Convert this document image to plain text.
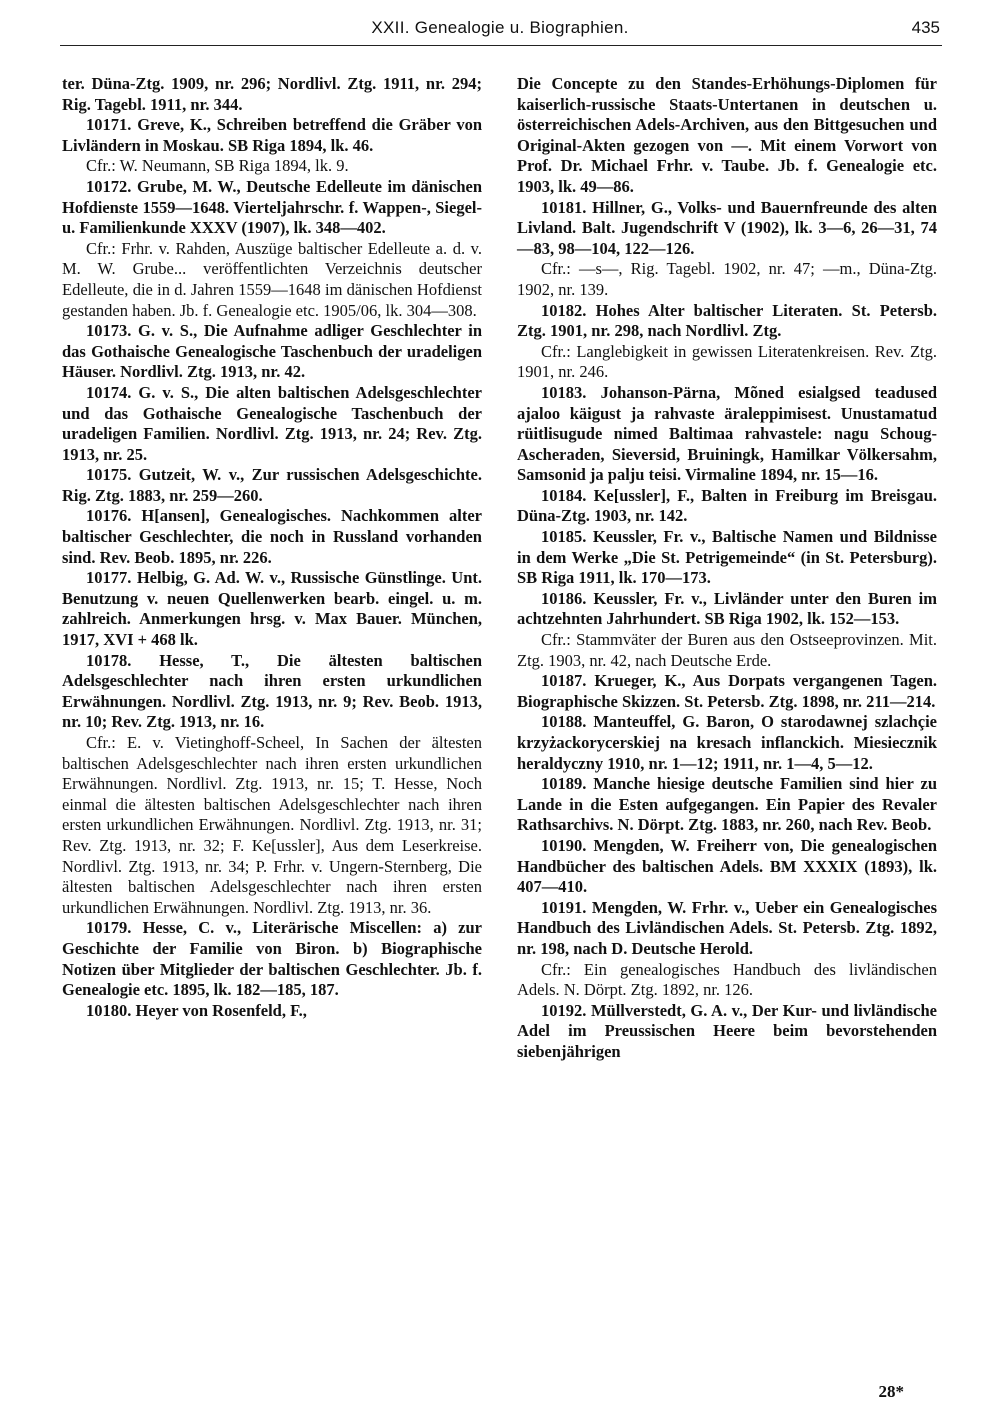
XXII. Genealogie u. Biographien.	435
ter. Düna-Ztg. 1909, nr. 296; Nordlivl. Ztg. 1911, nr. 294; Rig. Tagebl. 1911, nr. 344.
10171. Greve, K., Schreiben betreffend die Gräber von Livländern in Moskau. SB Riga 1894, lk. 46.
Cfr.: W. Neumann, SB Riga 1894, lk. 9.
10172. Grube, M. W., Deutsche Edelleute im dänischen Hofdienste 1559—1648. Vierteljahrschr. f. Wappen-, Siegel- u. Familienkunde XXXV (1907), lk. 348—402.
Cfr.: Frhr. v. Rahden, Auszüge baltischer Edelleute a. d. v. M. W. Grube... veröffentlichten Verzeichnis deutscher Edelleute, die in d. Jahren 1559—1648 im dänischen Hofdienst gestanden haben. Jb. f. Genealogie etc. 1905/06, lk. 304—308.
10173. G. v. S., Die Aufnahme adliger Geschlechter in das Gothaische Genealogische Taschenbuch der uradeligen Häuser. Nordlivl. Ztg. 1913, nr. 42.
10174. G. v. S., Die alten baltischen Adelsgeschlechter und das Gothaische Genealogische Taschenbuch der uradeligen Familien. Nordlivl. Ztg. 1913, nr. 24; Rev. Ztg. 1913, nr. 25.
10175. Gutzeit, W. v., Zur russischen Adelsgeschichte. Rig. Ztg. 1883, nr. 259—260.
10176. H[ansen], Genealogisches. Nachkommen alter baltischer Geschlechter, die noch in Russland vorhanden sind. Rev. Beob. 1895, nr. 226.
10177. Helbig, G. Ad. W. v., Russische Günstlinge. Unt. Benutzung v. neuen Quellenwerken bearb. eingel. u. m. zahlreich. Anmerkungen hrsg. v. Max Bauer. München, 1917, XVI + 468 lk.
10178. Hesse, T., Die ältesten baltischen Adelsgeschlechter nach ihren ersten urkundlichen Erwähnungen. Nordlivl. Ztg. 1913, nr. 9; Rev. Beob. 1913, nr. 10; Rev. Ztg. 1913, nr. 16.
Cfr.: E. v. Vietinghoff-Scheel, In Sachen der ältesten baltischen Adelsgeschlechter nach ihren ersten urkundlichen Erwähnungen. Nordlivl. Ztg. 1913, nr. 15; T. Hesse, Noch einmal die ältesten baltischen Adelsgeschlechter nach ihren ersten urkundlichen Erwähnungen. Nordlivl. Ztg. 1913, nr. 31; Rev. Ztg. 1913, nr. 32; F. Ke[ussler], Aus dem Leserkreise. Nordlivl. Ztg. 1913, nr. 34; P. Frhr. v. Ungern-Sternberg, Die ältesten baltischen Adelsgeschlechter nach ihren ersten urkundlichen Erwähnungen. Nordlivl. Ztg. 1913, nr. 36.
10179. Hesse, C. v., Literärische Miscellen: a) zur Geschichte der Familie von Biron. b) Biographische Notizen über Mitglieder der baltischen Geschlechter. Jb. f. Genealogie etc. 1895, lk. 182—185, 187.
10180. Heyer von Rosenfeld, F.,
Die Concepte zu den Standes-Erhöhungs-Diplomen für kaiserlich-russische Staats-Untertanen in deutschen u. österreichischen Adels-Archiven, aus den Bittgesuchen und Original-Akten gezogen von —. Mit einem Vorwort von Prof. Dr. Michael Frhr. v. Taube. Jb. f. Genealogie etc. 1903, lk. 49—86.
10181. Hillner, G., Volks- und Bauernfreunde des alten Livland. Balt. Jugendschrift V (1902), lk. 3—6, 26—31, 74—83, 98—104, 122—126.
Cfr.: —s—, Rig. Tagebl. 1902, nr. 47; —m., Düna-Ztg. 1902, nr. 139.
10182. Hohes Alter baltischer Literaten. St. Petersb. Ztg. 1901, nr. 298, nach Nordlivl. Ztg.
Cfr.: Langlebigkeit in gewissen Literatenkreisen. Rev. Ztg. 1901, nr. 246.
10183. Johanson-Pärna, Mõned esialgsed teadused ajaloo käigust ja rahvaste äraleppimisest. Unustamatud rüitlisugude nimed Baltimaa rahvastele: nagu Schoug-Ascheraden, Sieversid, Bruiningk, Hamilkar Völkersahm, Samsonid ja palju teisi. Virmaline 1894, nr. 15—16.
10184. Ke[ussler], F., Balten in Freiburg im Breisgau. Düna-Ztg. 1903, nr. 142.
10185. Keussler, Fr. v., Baltische Namen und Bildnisse in dem Werke „Die St. Petrigemeinde“ (in St. Petersburg). SB Riga 1911, lk. 170—173.
10186. Keussler, Fr. v., Livländer unter den Buren im achtzehnten Jahrhundert. SB Riga 1902, lk. 152—153.
Cfr.: Stammväter der Buren aus den Ostseeprovinzen. Mit. Ztg. 1903, nr. 42, nach Deutsche Erde.
10187. Krueger, K., Aus Dorpats vergangenen Tagen. Biographische Skizzen. St. Petersb. Ztg. 1898, nr. 211—214.
10188. Manteuffel, G. Baron, O starodawnej szlachçie krzyżackorycerskiej na kresach inflanckich. Miesiecznik heraldyczny 1910, nr. 1—12; 1911, nr. 1—4, 5—12.
10189. Manche hiesige deutsche Familien sind hier zu Lande in die Esten aufgegangen. Ein Papier des Revaler Rathsarchivs. N. Dörpt. Ztg. 1883, nr. 260, nach Rev. Beob.
10190. Mengden, W. Freiherr von, Die genealogischen Handbücher des baltischen Adels. BM XXXIX (1893), lk. 407—410.
10191. Mengden, W. Frhr. v., Ueber ein Genealogisches Handbuch des Livländischen Adels. St. Petersb. Ztg. 1892, nr. 198, nach D. Deutsche Herold.
Cfr.: Ein genealogisches Handbuch des livländischen Adels. N. Dörpt. Ztg. 1892, nr. 126.
10192. Müllverstedt, G. A. v., Der Kur- und livländische Adel im Preussischen Heere beim bevorstehenden siebenjährigen
28*
